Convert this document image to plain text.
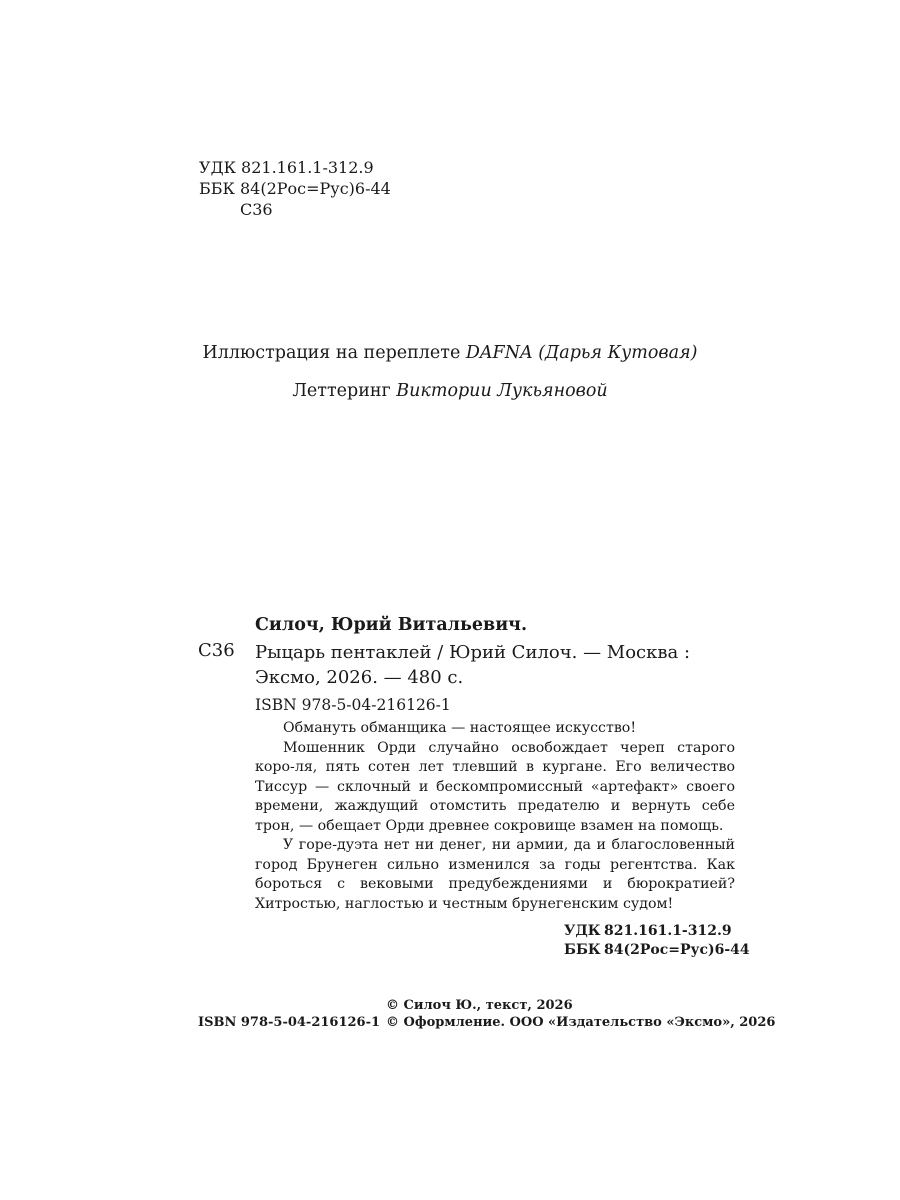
УДК 821.161.1-312.9
ББК 84(2Рос=Рус)6-44
С36
Иллюстрация на переплете DAFNA (Дарья Кутовая)
Леттеринг Виктории Лукьяновой
Силоч, Юрий Витальевич.
С36 Рыцарь пентаклей / Юрий Силоч. — Москва :
Эксмо, 2026. — 480 с.
ISBN 978-5-04-216126-1

Обмануть обманщика — настоящее искусство!

Мошенник Орди случайно освобождает череп старого коро-ля, пять сотен лет тлевший в кургане. Его величество Тиссур — склочный и бескомпромиссный «артефакт» своего времени, жаждущий отомстить предателю и вернуть себе трон, — обещает Орди древнее сокровище взамен на помощь.

У горе-дуэта нет ни денег, ни армии, да и благословенный город Брунеген сильно изменился за годы регентства. Как бороться с вековыми предубеждениями и бюрократией? Хитростью, наглостью и честным брунегенским судом!

УДК 821.161.1-312.9
ББК 84(2Рос=Рус)6-44
© Силоч Ю., текст, 2026
ISBN 978-5-04-216126-1 © Оформление. ООО «Издательство «Эксмо», 2026
